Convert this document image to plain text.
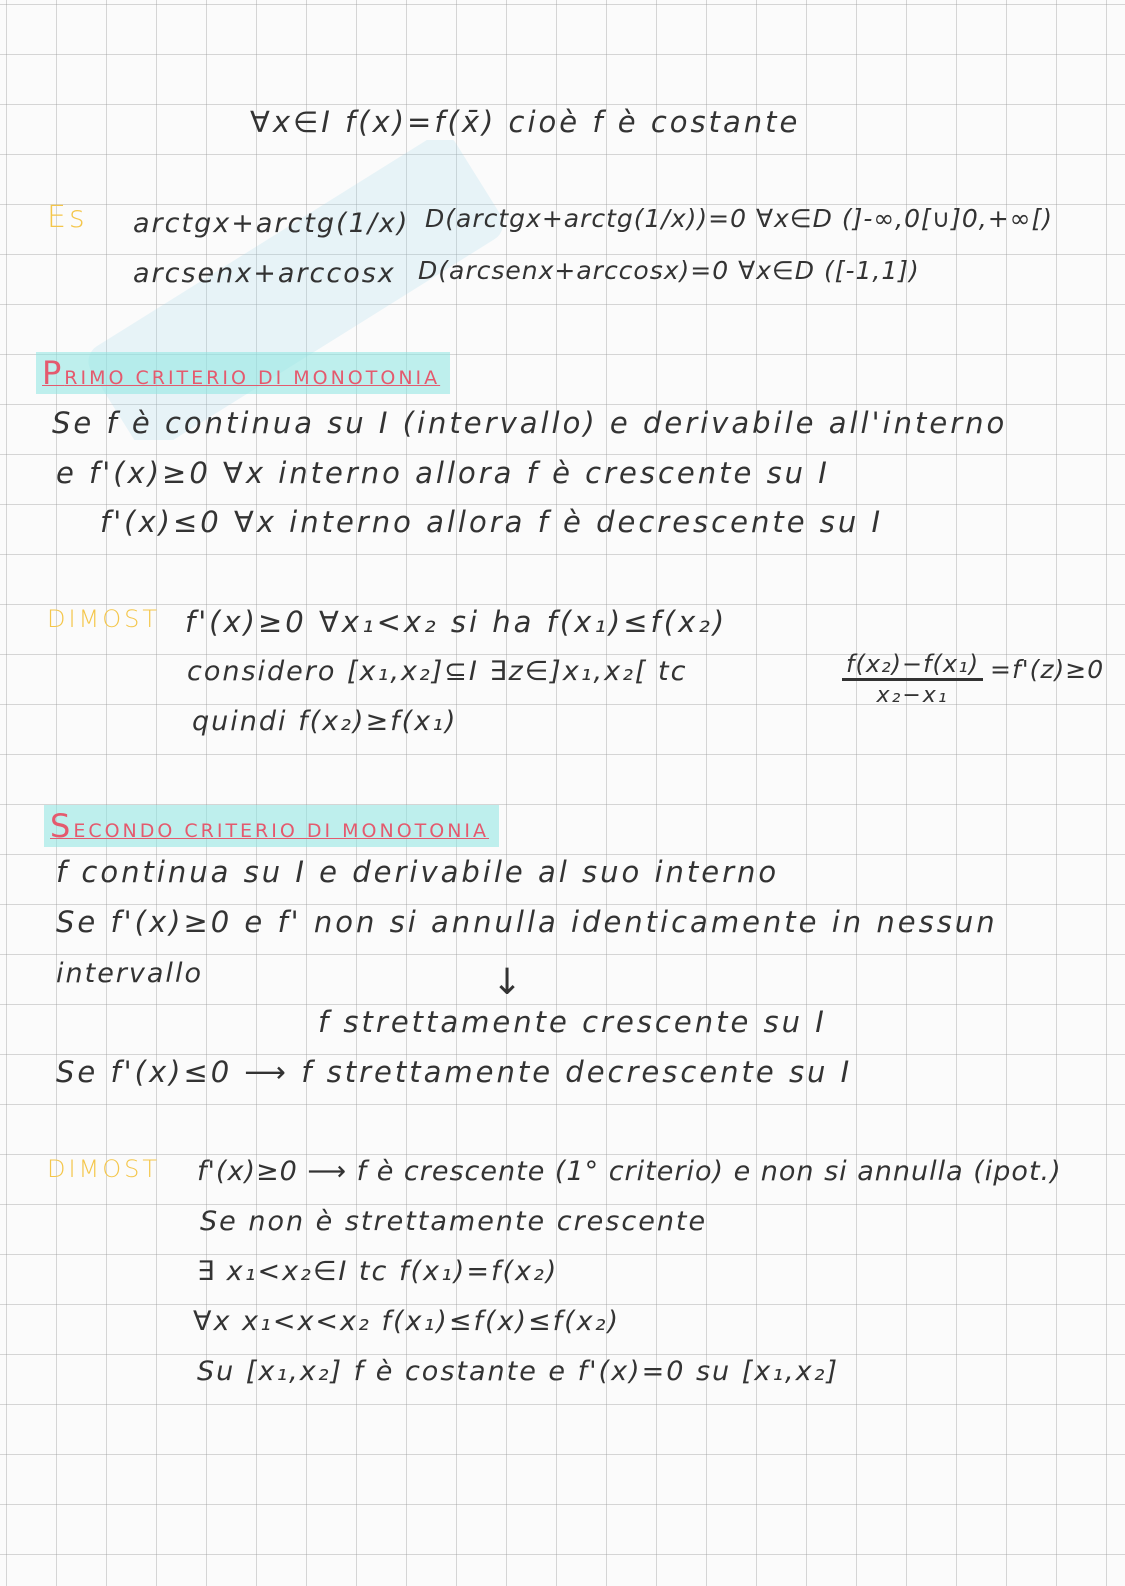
∀x∈I f(x)=f(x̄) cioè f è costante
Es arctgx+arctg(1/x) D(arctgx+arctg(1/x))=0 ∀x∈D (]-∞,0[∪]0,+∞[)
arcsenx+arccosx D(arcsenx+arccosx)=0 ∀x∈D ([-1,1])
PRIMO CRITERIO DI MONOTONIA
Se f è continua su I (intervallo) e derivabile all'interno
e f'(x)≥0 ∀x interno allora f è crescente su I
f'(x)≤0 ∀x interno allora f è decrescente su I
DIMOST f'(x)≥0 ∀x₁<x₂ si ha f(x₁)≤f(x₂)
considero [x₁,x₂]⊆I ∃z∈]x₁,x₂[ tc	$\frac{\text{f(x₂)−f(x₁)}}{\text{x₂−x₁}} =f'(z)\ge 0$
quindi f(x₂)≥f(x₁)
SECONDO CRITERIO DI MONOTONIA
f continua su I e derivabile al suo interno
Se f'(x)≥0 e f' non si annulla identicamente in nessun
intervallo	↓
f strettamente crescente su I
Se f'(x)≤0 ⟶ f strettamente decrescente su I
DIMOST f'(x)≥0 ⟶ f è crescente (1° criterio) e non si annulla (ipot.)
Se non è strettamente crescente
∃ x₁<x₂∈I tc f(x₁)=f(x₂)
∀x x₁<x<x₂ f(x₁)≤f(x)≤f(x₂)
Su [x₁,x₂] f è costante e f'(x)=0 su [x₁,x₂]
